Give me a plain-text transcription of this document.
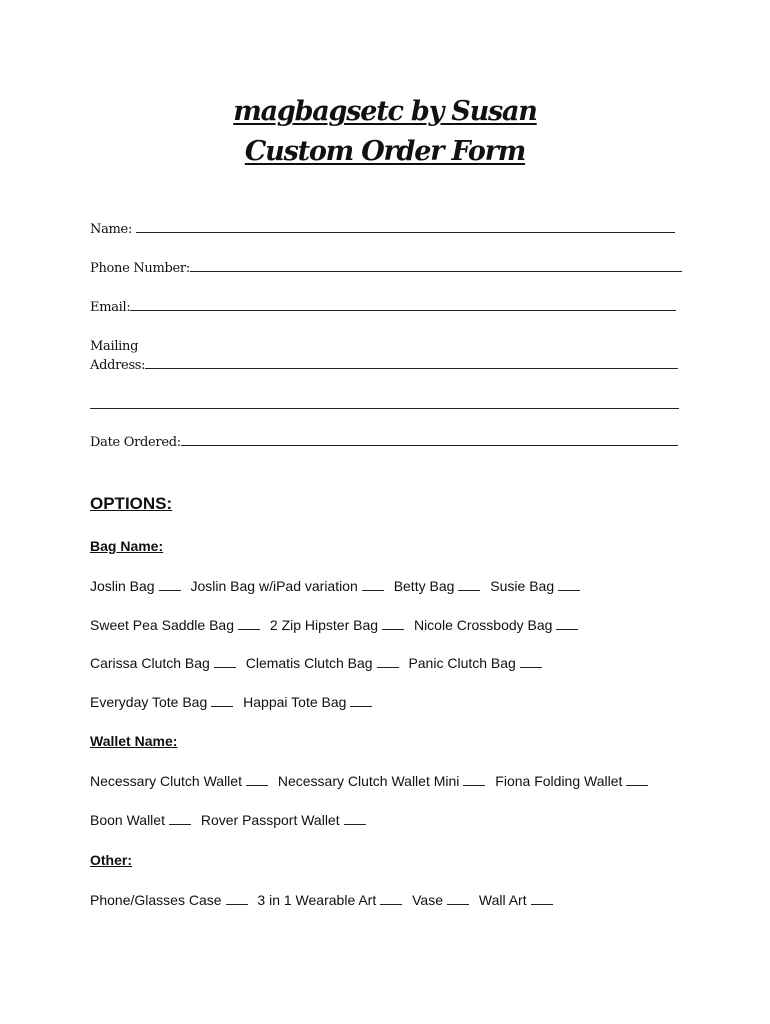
magbagsetc by Susan
Custom Order Form
Name:
Phone Number:
Email:
Mailing
Address:
Date Ordered:
OPTIONS:
Bag Name:
Joslin Bag	Joslin Bag w/iPad variation	Betty Bag	Susie Bag
Sweet Pea Saddle Bag	2 Zip Hipster Bag	Nicole Crossbody Bag
Carissa Clutch Bag	Clematis Clutch Bag	Panic Clutch Bag
Everyday Tote Bag	Happai Tote Bag
Wallet Name:
Necessary Clutch Wallet	Necessary Clutch Wallet Mini	Fiona Folding Wallet
Boon Wallet	Rover Passport Wallet
Other:
Phone/Glasses Case	3 in 1 Wearable Art	Vase	Wall Art
